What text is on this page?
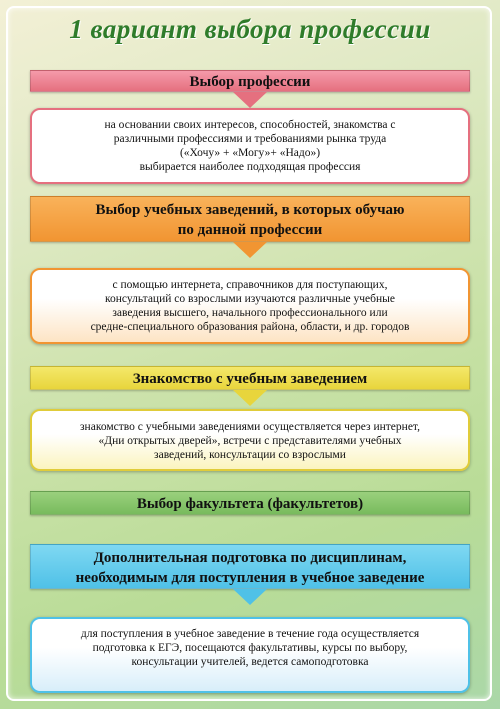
1 вариант выбора профессии
Выбор профессии
на основании своих интересов, способностей, знакомства с
различными профессиями и требованиями рынка труда
(«Хочу» + «Могу»+ «Надо»)
выбирается наиболее подходящая профессия
Выбор учебных заведений, в которых обучаю
по данной профессии
с помощью интернета, справочников для поступающих,
консультаций со взрослыми изучаются различные учебные
заведения высшего, начального профессионального или
средне-специального образования района, области, и др. городов
Знакомство с учебным заведением
знакомство с учебными заведениями осуществляется через интернет,
«Дни открытых дверей», встречи с представителями учебных
заведений, консультации со взрослыми
Выбор факультета (факультетов)
Дополнительная подготовка по дисциплинам,
необходимым для поступления в учебное заведение
для поступления в учебное заведение в течение года осуществляется
подготовка к ЕГЭ, посещаются факультативы, курсы по выбору,
консультации учителей, ведется самоподготовка
